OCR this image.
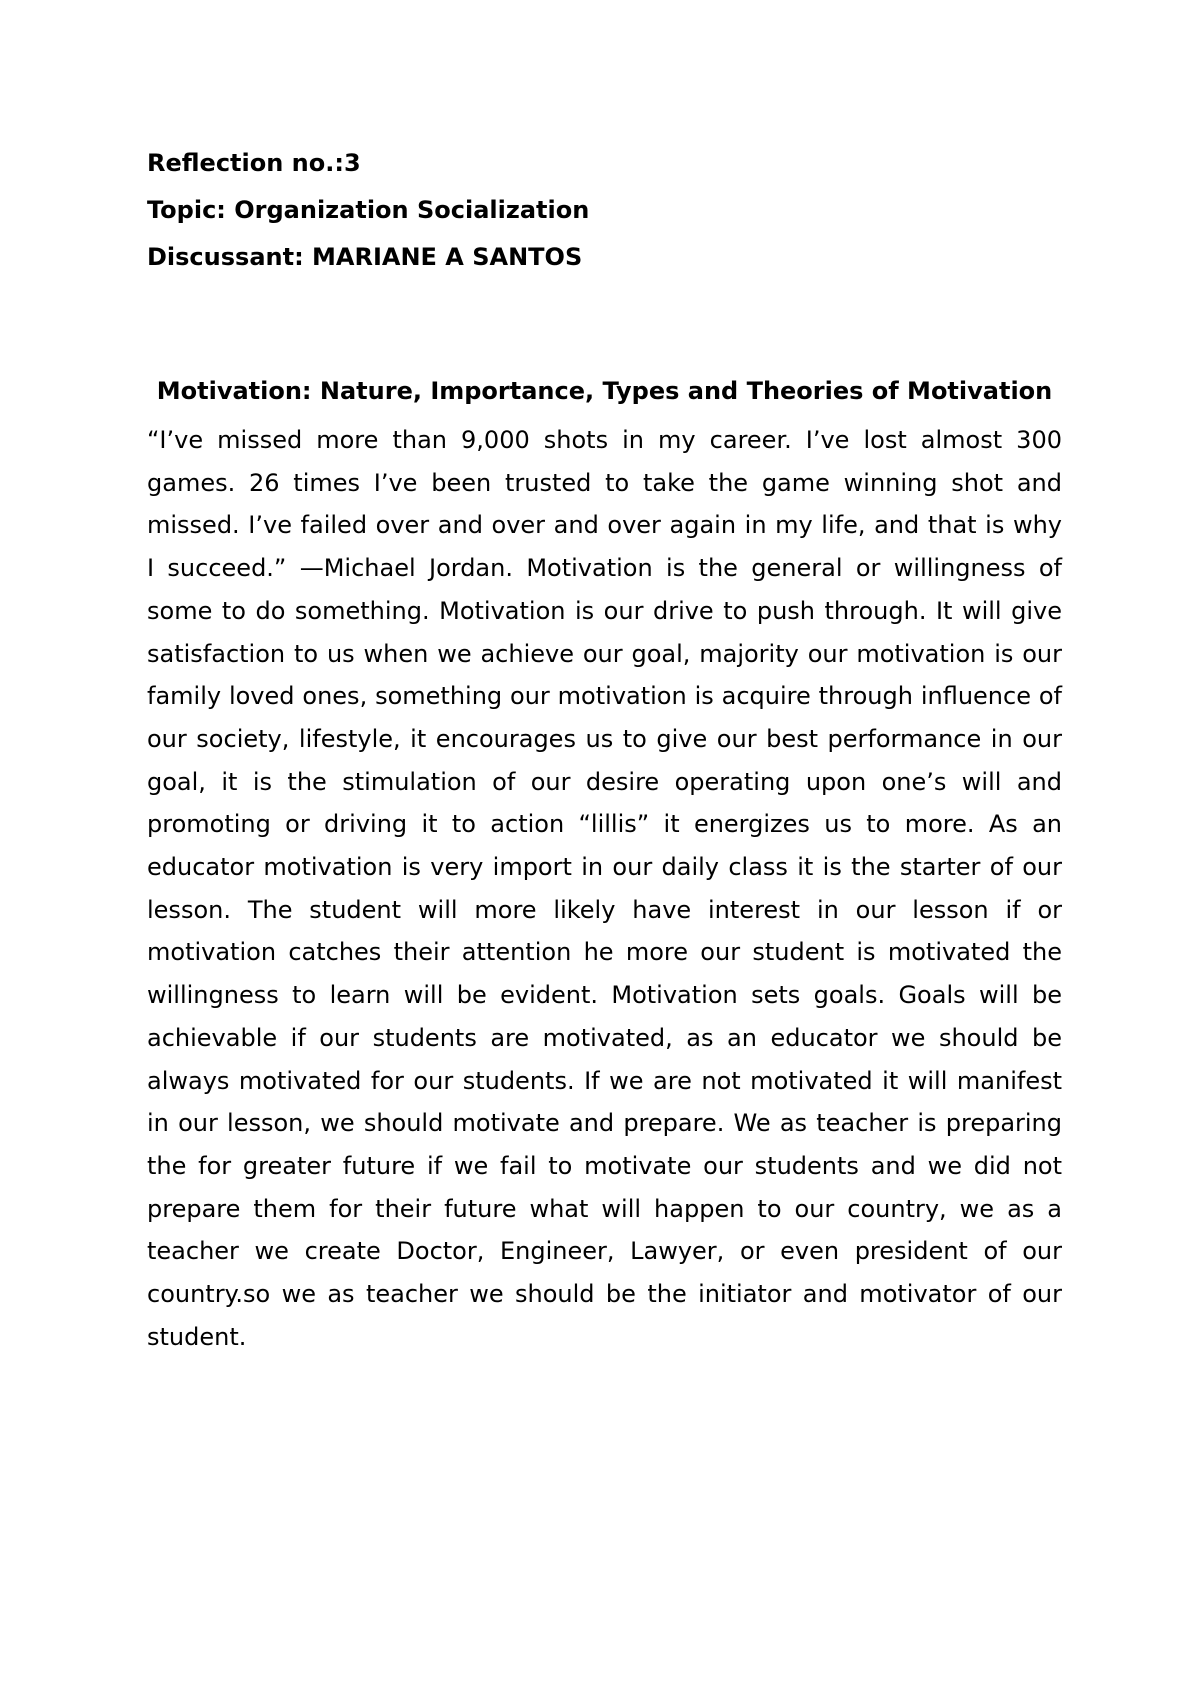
Reflection no.:3
Topic: Organization Socialization
Discussant: MARIANE A SANTOS
Motivation: Nature, Importance, Types and Theories of Motivation

“I’ve missed more than 9,000 shots in my career. I’ve lost almost 300 games. 26 times I’ve been trusted to take the game winning shot and missed. I’ve failed over and over and over again in my life, and that is why I succeed.” —Michael Jordan. Motivation is the general or willingness of some to do something. Motivation is our drive to push through. It will give satisfaction to us when we achieve our goal, majority our motivation is our family loved ones, something our motivation is acquire through influence of our society, lifestyle, it encourages us to give our best performance in our goal, it is the stimulation of our desire operating upon one’s will and promoting or driving it to action “lillis” it energizes us to more. As an educator motivation is very import in our daily class it is the starter of our lesson. The student will more likely have interest in our lesson if or motivation catches their attention he more our student is motivated the willingness to learn will be evident. Motivation sets goals. Goals will be achievable if our students are motivated, as an educator we should be always motivated for our students. If we are not motivated it will manifest in our lesson, we should motivate and prepare. We as teacher is preparing the for greater future if we fail to motivate our students and we did not prepare them for their future what will happen to our country, we as a teacher we create Doctor, Engineer, Lawyer, or even president of our country.so we as teacher we should be the initiator and motivator of our student.
